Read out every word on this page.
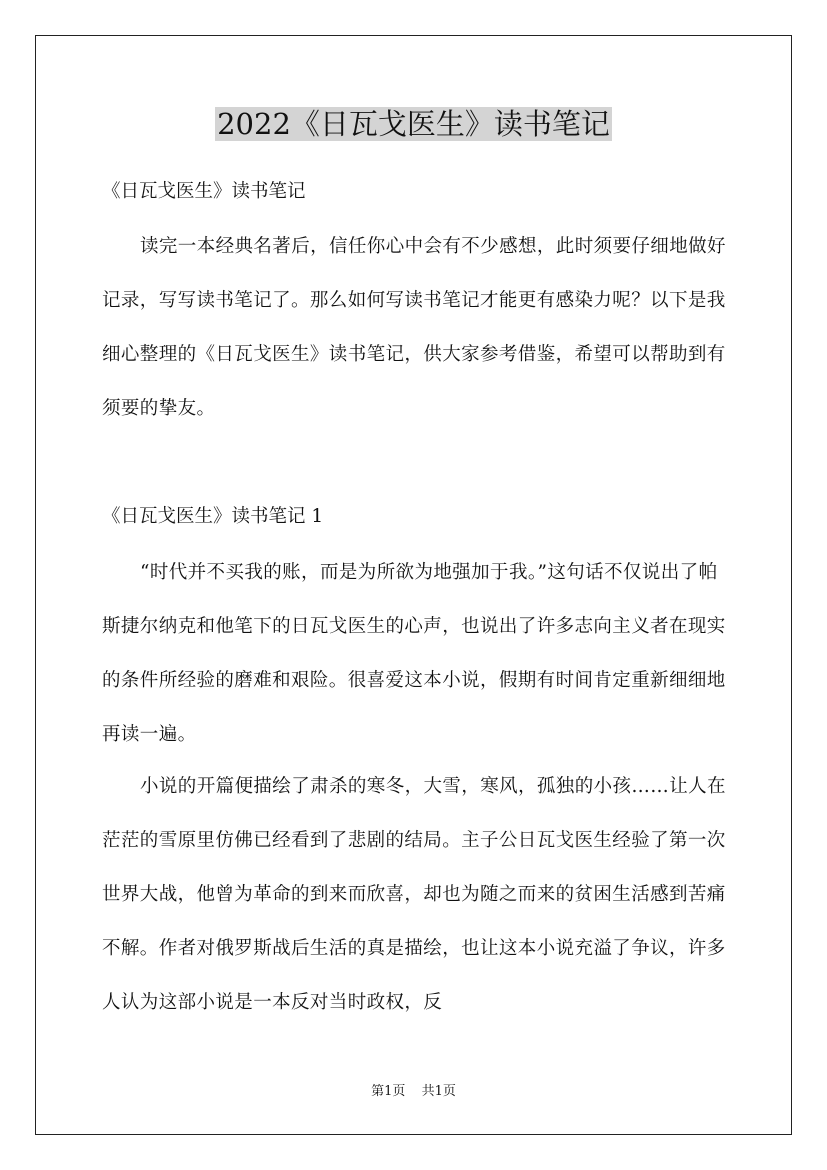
2022《日瓦戈医生》读书笔记

《日瓦戈医生》读书笔记

读完一本经典名著后，信任你心中会有不少感想，此时须要仔细地做好记录，写写读书笔记了。那么如何写读书笔记才能更有感染力呢？以下是我细心整理的《日瓦戈医生》读书笔记，供大家参考借鉴，希望可以帮助到有须要的挚友。

《日瓦戈医生》读书笔记 1

“时代并不买我的账，而是为所欲为地强加于我。”这句话不仅说出了帕斯捷尔纳克和他笔下的日瓦戈医生的心声，也说出了许多志向主义者在现实的条件所经验的磨难和艰险。很喜爱这本小说，假期有时间肯定重新细细地再读一遍。

小说的开篇便描绘了肃杀的寒冬，大雪，寒风，孤独的小孩……让人在茫茫的雪原里仿佛已经看到了悲剧的结局。主子公日瓦戈医生经验了第一次世界大战，他曾为革命的到来而欣喜，却也为随之而来的贫困生活感到苦痛不解。作者对俄罗斯战后生活的真是描绘，也让这本小说充溢了争议，许多人认为这部小说是一本反对当时政权，反

第1页 共1页
